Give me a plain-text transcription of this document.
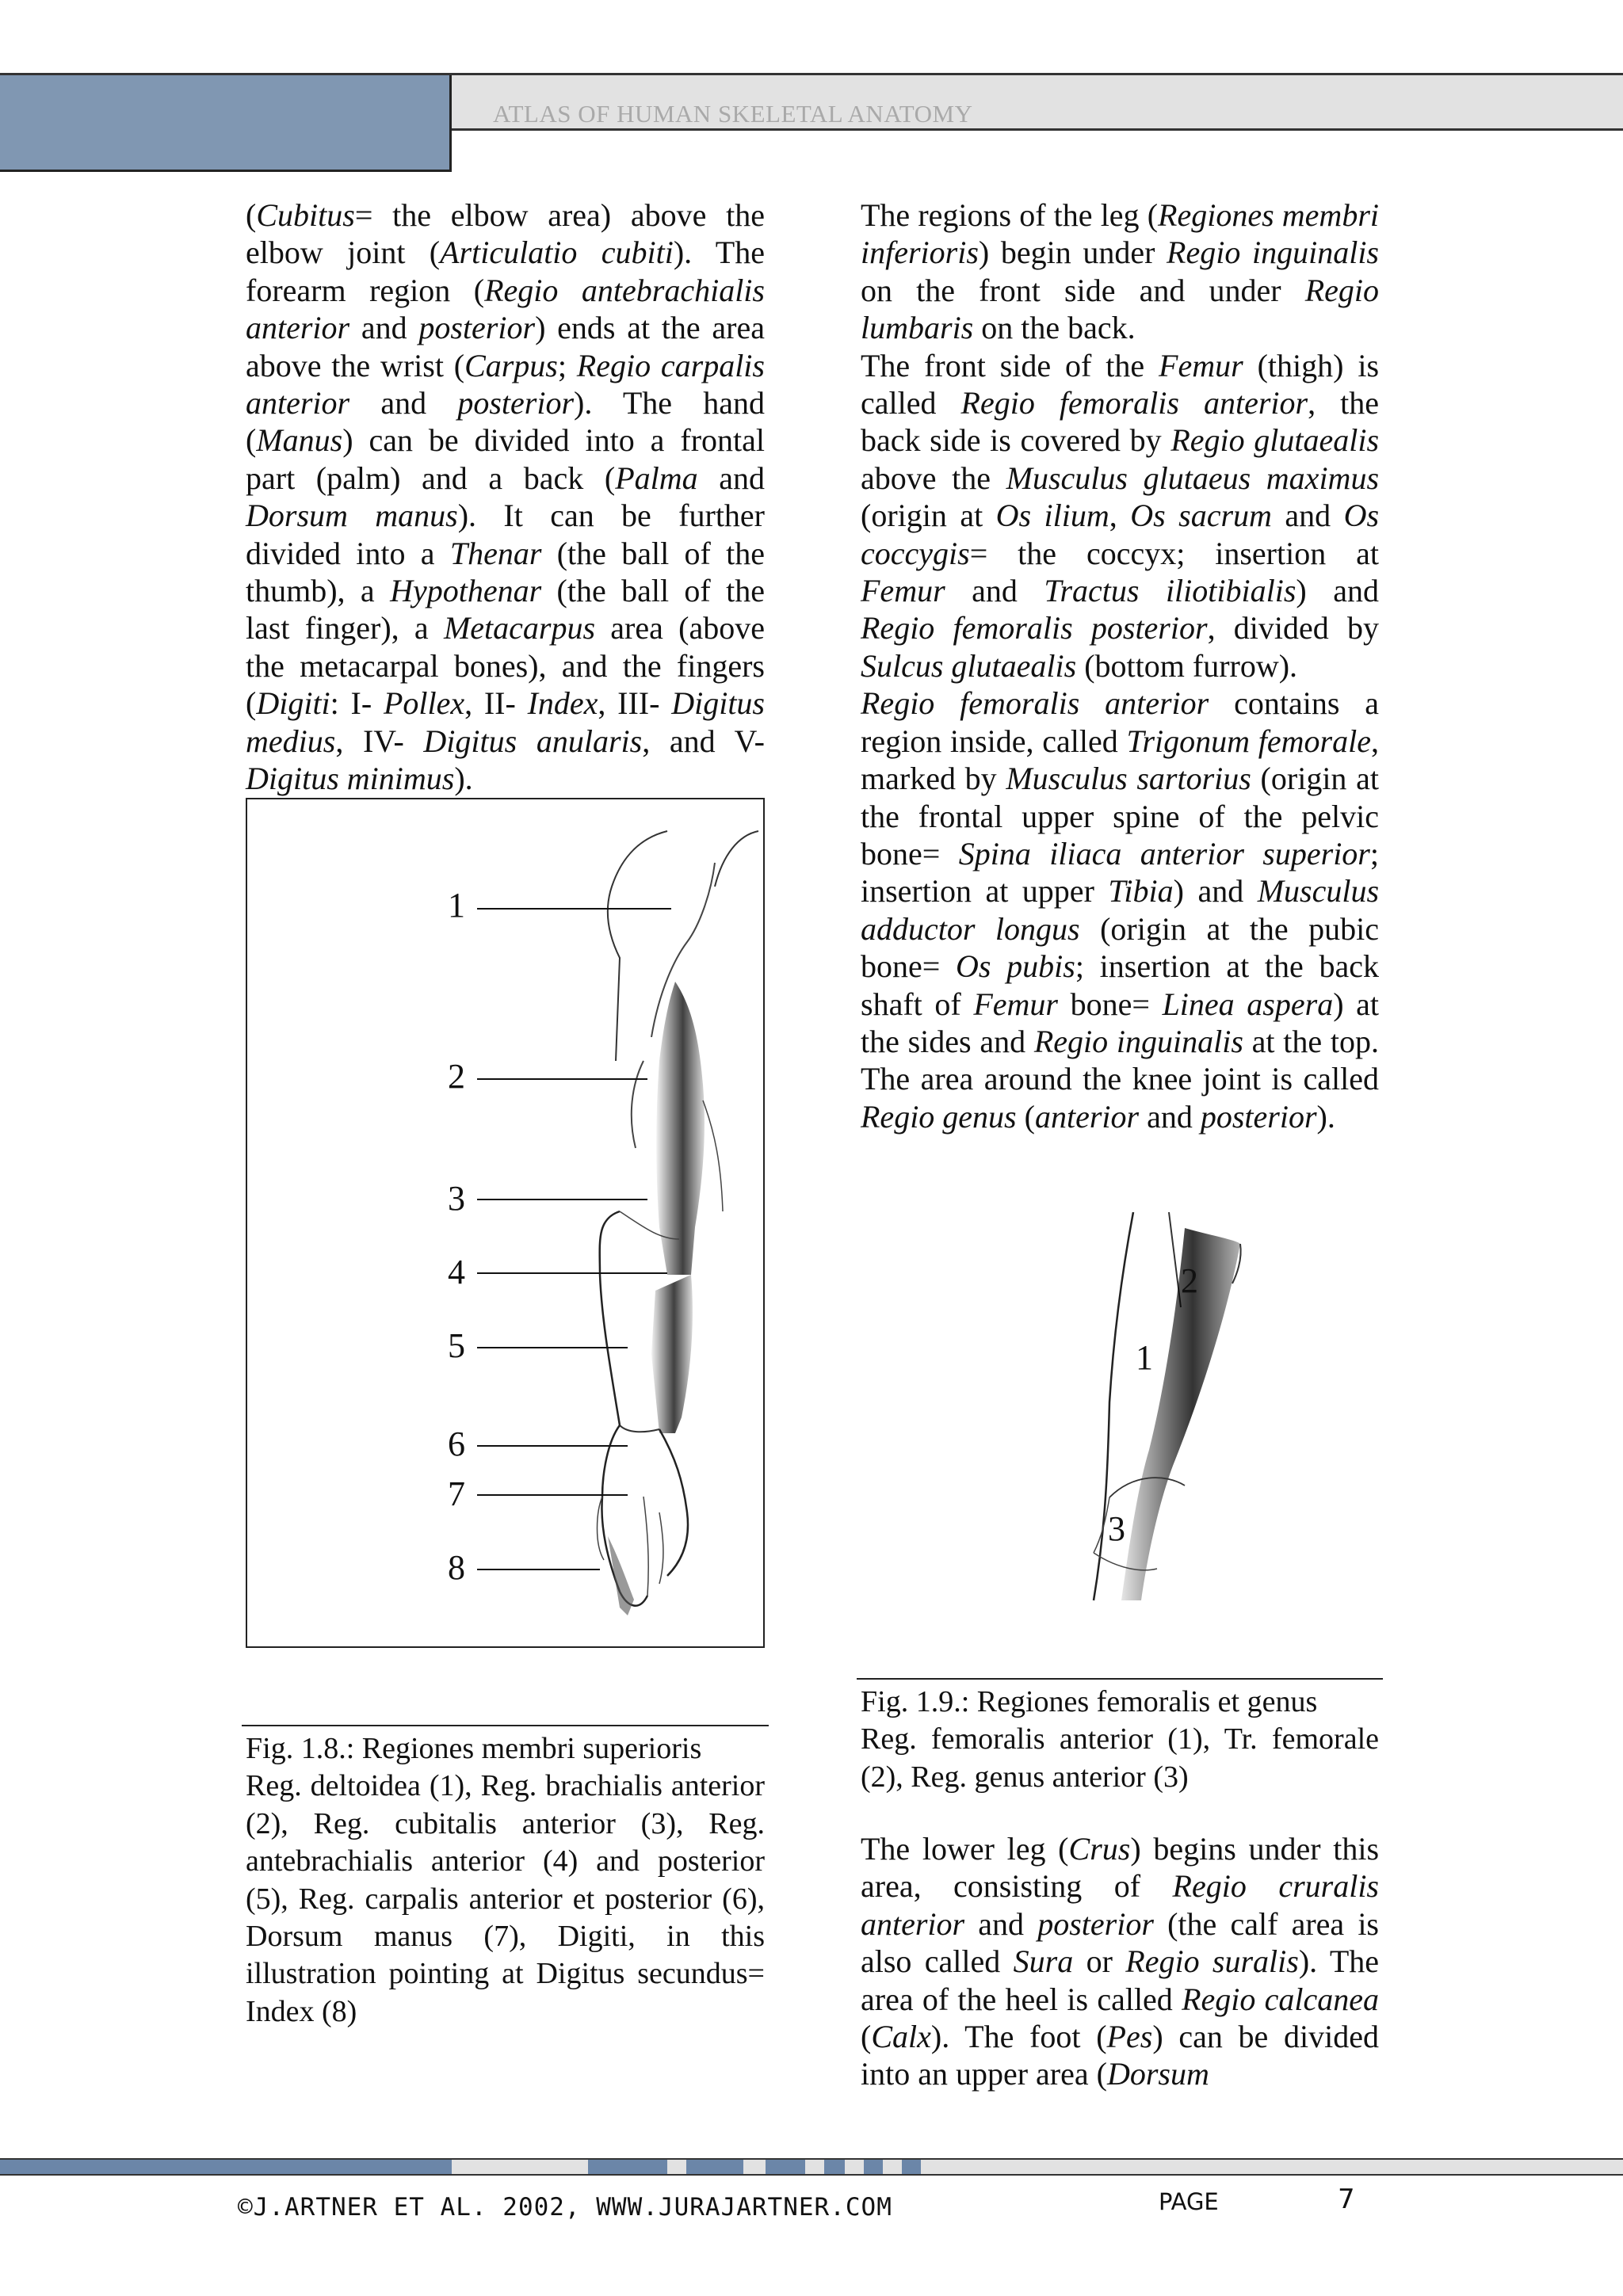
ATLAS OF HUMAN SKELETAL ANATOMY

(Cubitus= the elbow area) above the elbow joint (Articulatio cubiti). The forearm region (Regio antebrachialis anterior and posterior) ends at the area above the wrist (Carpus; Regio carpalis anterior and posterior). The hand (Manus) can be divided into a frontal part (palm) and a back (Palma and Dorsum manus). It can be further divided into a Thenar (the ball of the thumb), a Hypothenar (the ball of the last finger), a Metacarpus area (above the metacarpal bones), and the fingers (Digiti: I- Pollex, II- Index, III- Digitus medius, IV- Digitus anularis, and V-Digitus minimus).

1
2
3
4
5
6
7
8

Fig. 1.8.: Regiones membri superioris

Reg. deltoidea (1), Reg. brachialis anterior (2), Reg. cubitalis anterior (3), Reg. antebrachialis anterior (4) and posterior (5), Reg. carpalis anterior et posterior (6), Dorsum manus (7), Digiti, in this illustration pointing at Digitus secundus= Index (8)

The regions of the leg (Regiones membri inferioris) begin under Regio inguinalis on the front side and under Regio lumbaris on the back.

The front side of the Femur (thigh) is called Regio femoralis anterior, the back side is covered by Regio glutaealis above the Musculus glutaeus maximus (origin at Os ilium, Os sacrum and Os coccygis= the coccyx; insertion at Femur and Tractus iliotibialis) and Regio femoralis posterior, divided by Sulcus glutaealis (bottom furrow).

Regio femoralis anterior contains a region inside, called Trigonum femorale, marked by Musculus sartorius (origin at the frontal upper spine of the pelvic bone= Spina iliaca anterior superior; insertion at upper Tibia) and Musculus adductor longus (origin at the pubic bone= Os pubis; insertion at the back shaft of Femur bone= Linea aspera) at the sides and Regio inguinalis at the top. The area around the knee joint is called Regio genus (anterior and posterior).

2
1
3

Fig. 1.9.: Regiones femoralis et genus

Reg. femoralis anterior (1), Tr. femorale (2), Reg. genus anterior (3)

The lower leg (Crus) begins under this area, consisting of Regio cruralis anterior and posterior (the calf area is also called Sura or Regio suralis). The area of the heel is called Regio calcanea (Calx). The foot (Pes) can be divided into an upper area (Dorsum

©J.ARTNER ET AL. 2002, WWW.JURAJARTNER.COM	PAGE	7
